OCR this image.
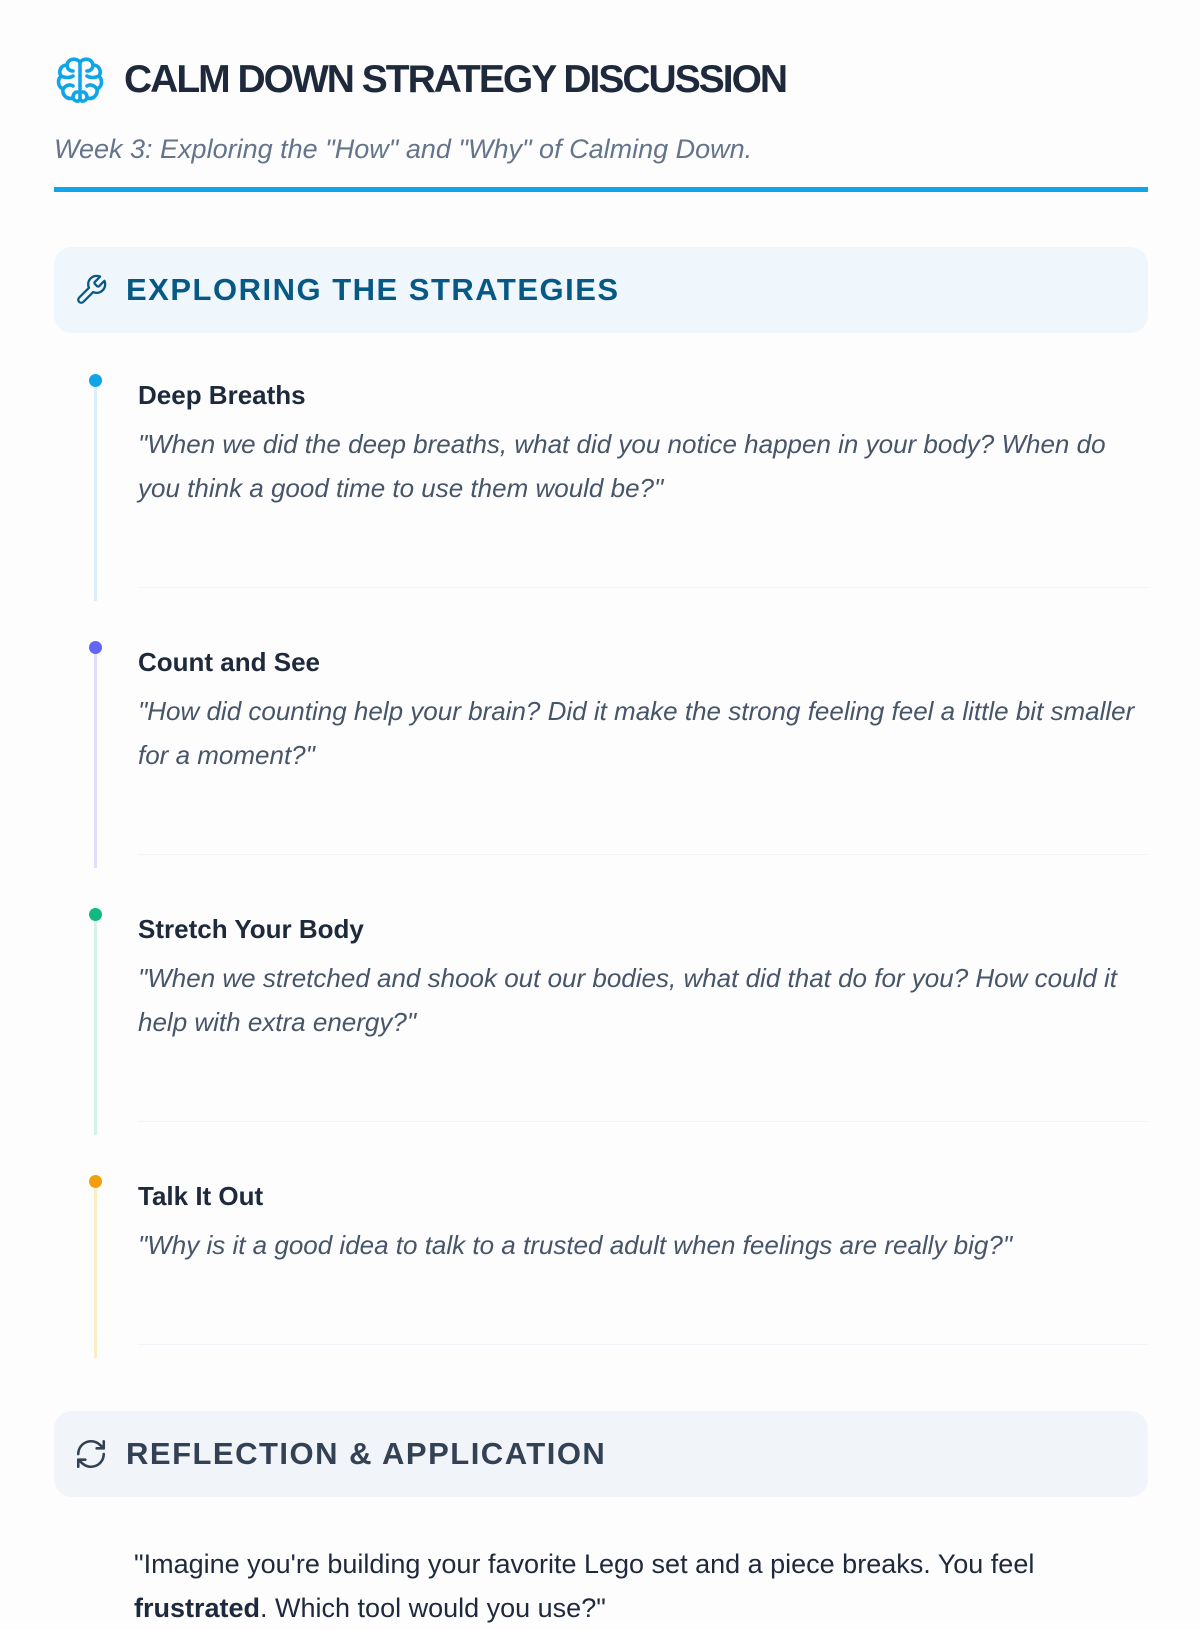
CALM DOWN STRATEGY DISCUSSION
Week 3: Exploring the "How" and "Why" of Calming Down.
EXPLORING THE STRATEGIES
Deep Breaths
"When we did the deep breaths, what did you notice happen in your body? When do you think a good time to use them would be?"
Count and See
"How did counting help your brain? Did it make the strong feeling feel a little bit smaller for a moment?"
Stretch Your Body
"When we stretched and shook out our bodies, what did that do for you? How could it help with extra energy?"
Talk It Out
"Why is it a good idea to talk to a trusted adult when feelings are really big?"
REFLECTION & APPLICATION
"Imagine you're building your favorite Lego set and a piece breaks. You feel frustrated. Which tool would you use?"
